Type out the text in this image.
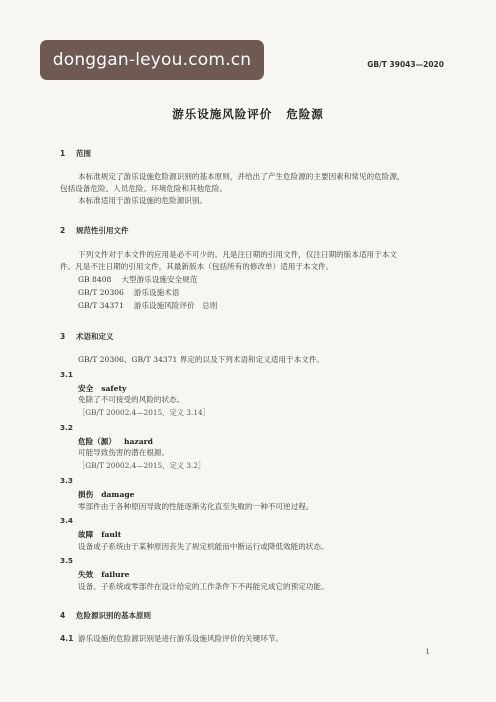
donggan-leyou.com.cn	GB/T 39043—2020
游乐设施风险评价 危险源
1 范围
本标准规定了游乐设施危险源识别的基本原则，并给出了产生危险源的主要因素和常见的危险源，
包括设备危险、人员危险、环境危险和其他危险。
本标准适用于游乐设施的危险源识别。
2 规范性引用文件
下列文件对于本文件的应用是必不可少的。凡是注日期的引用文件，仅注日期的版本适用于本文
件。凡是不注日期的引用文件，其最新版本（包括所有的修改单）适用于本文件。
GB 8408 大型游乐设施安全规范
GB/T 20306 游乐设施术语
GB/T 34371 游乐设施风险评价　总则
3 术语和定义
GB/T 20306、GB/T 34371 界定的以及下列术语和定义适用于本文件。
3.1
安全 safety
免除了不可接受的风险的状态。
［GB/T 20002.4—2015，定义 3.14］
3.2
危险（源） hazard
可能导致伤害的潜在根源。
［GB/T 20002.4—2015，定义 3.2］
3.3
损伤 damage
零部件由于各种原因导致的性能逐渐劣化直至失败的一种不可逆过程。
3.4
故障 fault
设备或子系统由于某种原因丧失了规定机能而中断运行或降低效能的状态。
3.5
失效 failure
设备、子系统或零部件在设计给定的工作条件下不再能完成它的预定功能。
4 危险源识别的基本原则
4.1 游乐设施的危险源识别是进行游乐设施风险评价的关键环节。
1
